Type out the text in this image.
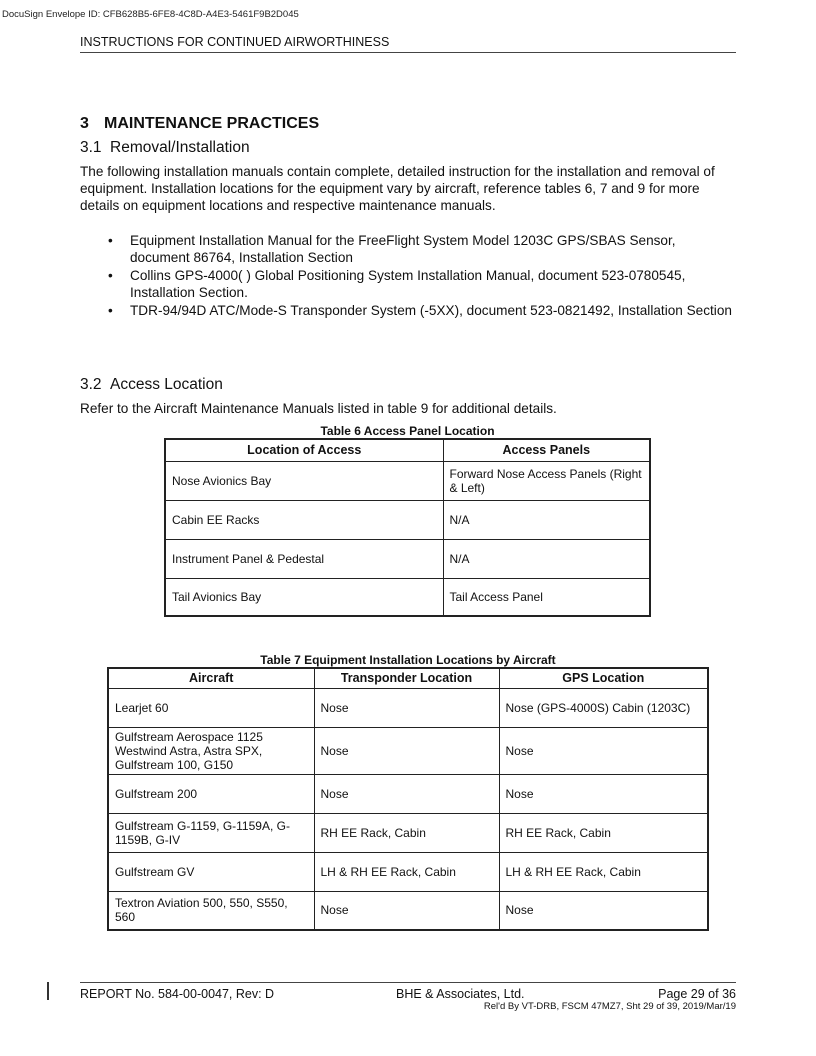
DocuSign Envelope ID: CFB628B5-6FE8-4C8D-A4E3-5461F9B2D045
INSTRUCTIONS FOR CONTINUED AIRWORTHINESS
3 MAINTENANCE PRACTICES
3.1 Removal/Installation
The following installation manuals contain complete, detailed instruction for the installation and removal of equipment. Installation locations for the equipment vary by aircraft, reference tables 6, 7 and 9 for more details on equipment locations and respective maintenance manuals.
• Equipment Installation Manual for the FreeFlight System Model 1203C GPS/SBAS Sensor, document 86764, Installation Section
• Collins GPS-4000( ) Global Positioning System Installation Manual, document 523-0780545, Installation Section.
• TDR-94/94D ATC/Mode-S Transponder System (-5XX), document 523-0821492, Installation Section
3.2 Access Location
Refer to the Aircraft Maintenance Manuals listed in table 9 for additional details.
Table 6 Access Panel Location
Location of Access	Access Panels
Nose Avionics Bay	Forward Nose Access Panels (Right & Left)
Cabin EE Racks	N/A
Instrument Panel & Pedestal	N/A
Tail Avionics Bay	Tail Access Panel
Table 7 Equipment Installation Locations by Aircraft
Aircraft	Transponder Location	GPS Location
Learjet 60	Nose	Nose (GPS-4000S) Cabin (1203C)
Gulfstream Aerospace 1125 Westwind Astra, Astra SPX, Gulfstream 100, G150	Nose	Nose
Gulfstream 200	Nose	Nose
Gulfstream G-1159, G-1159A, G-1159B, G-IV	RH EE Rack, Cabin	RH EE Rack, Cabin
Gulfstream GV	LH & RH EE Rack, Cabin	LH & RH EE Rack, Cabin
Textron Aviation 500, 550, S550, 560	Nose	Nose
REPORT No. 584-00-0047, Rev: D	BHE & Associates, Ltd.	Page 29 of 36
Rel'd By VT-DRB, FSCM 47MZ7, Sht 29 of 39, 2019/Mar/19
